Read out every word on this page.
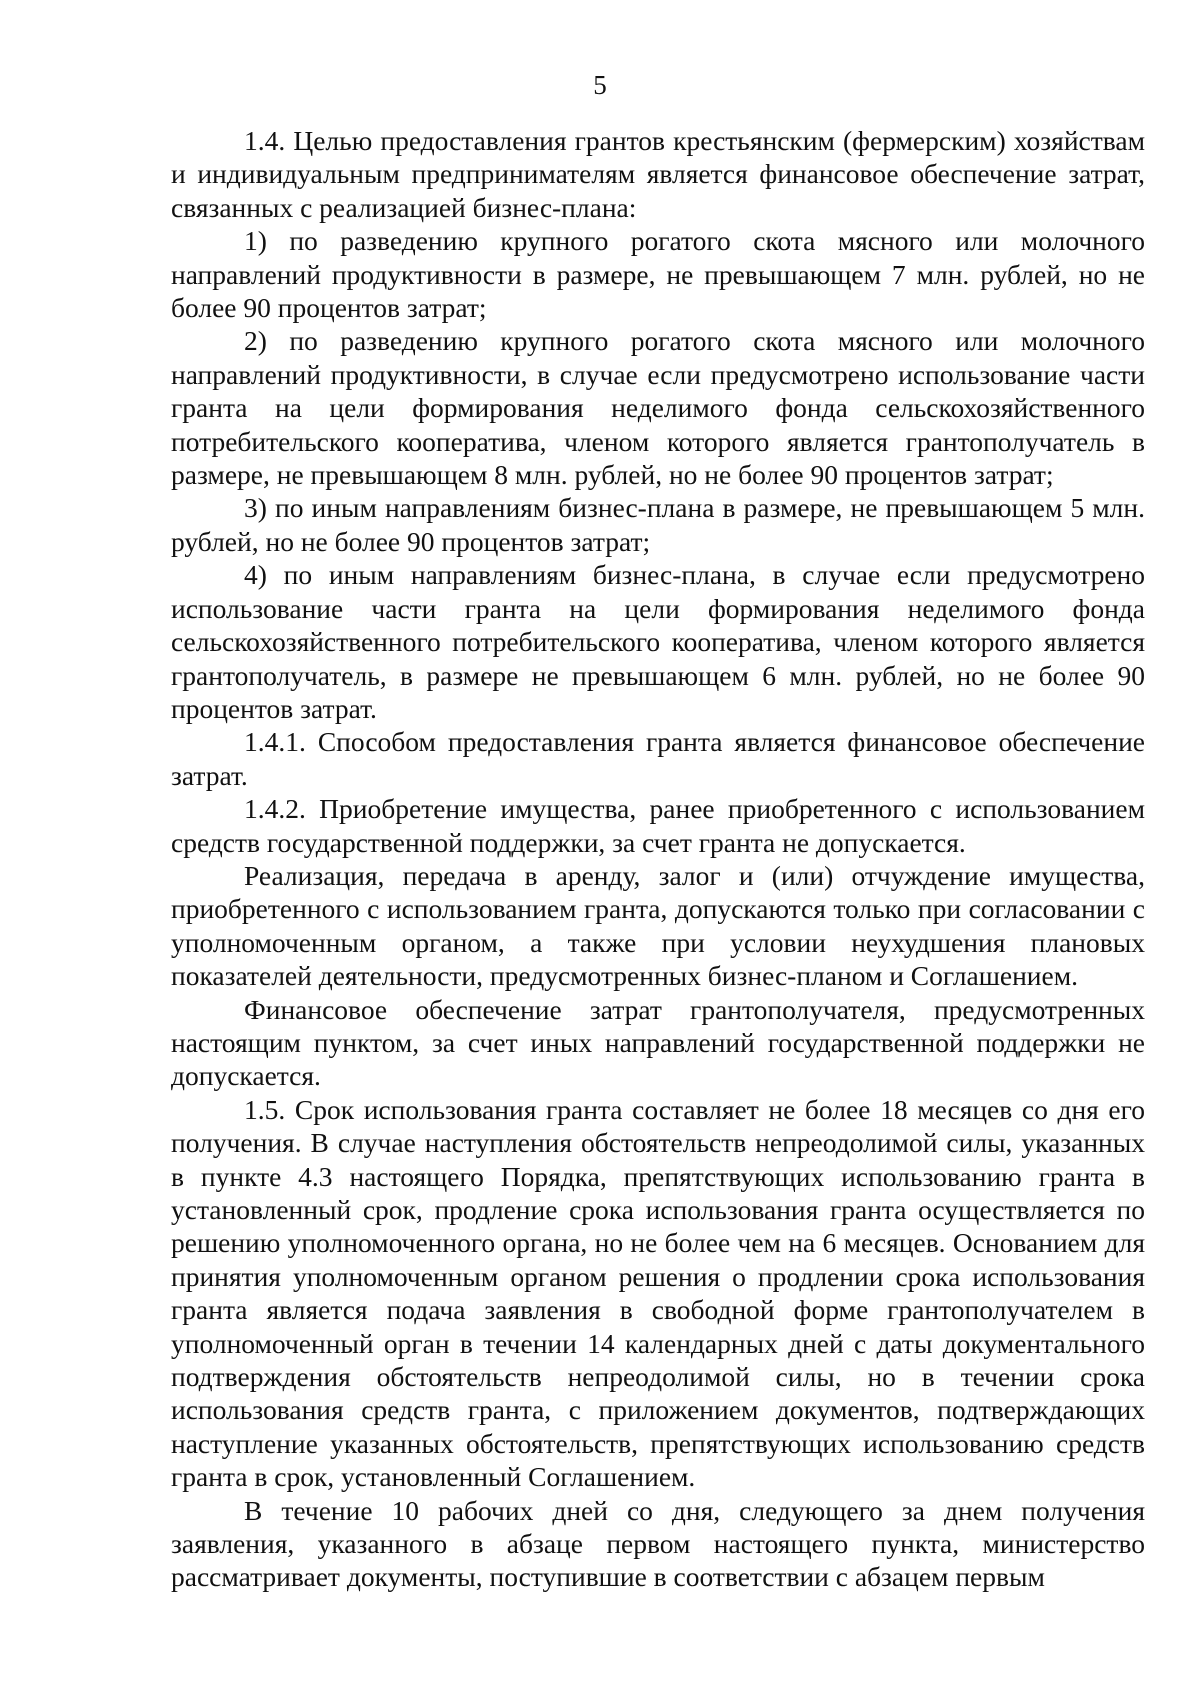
5

1.4. Целью предоставления грантов крестьянским (фермерским) хозяйствам и индивидуальным предпринимателям является финансовое обеспечение затрат, связанных с реализацией бизнес-плана:

1) по разведению крупного рогатого скота мясного или молочного направлений продуктивности в размере, не превышающем 7 млн. рублей, но не более 90 процентов затрат;

2) по разведению крупного рогатого скота мясного или молочного направлений продуктивности, в случае если предусмотрено использование части гранта на цели формирования неделимого фонда сельскохозяйственного потребительского кооператива, членом которого является грантополучатель в размере, не превышающем 8 млн. рублей, но не более 90 процентов затрат;

3) по иным направлениям бизнес-плана в размере, не превышающем 5 млн. рублей, но не более 90 процентов затрат;

4) по иным направлениям бизнес-плана, в случае если предусмотрено использование части гранта на цели формирования неделимого фонда сельскохозяйственного потребительского кооператива, членом которого является грантополучатель, в размере не превышающем 6 млн. рублей, но не более 90 процентов затрат.

1.4.1. Способом предоставления гранта является финансовое обеспечение затрат.

1.4.2. Приобретение имущества, ранее приобретенного с использованием средств государственной поддержки, за счет гранта не допускается.

Реализация, передача в аренду, залог и (или) отчуждение имущества, приобретенного с использованием гранта, допускаются только при согласовании с уполномоченным органом, а также при условии неухудшения плановых показателей деятельности, предусмотренных бизнес-планом и Соглашением.

Финансовое обеспечение затрат грантополучателя, предусмотренных настоящим пунктом, за счет иных направлений государственной поддержки не допускается.

1.5. Срок использования гранта составляет не более 18 месяцев со дня его получения. В случае наступления обстоятельств непреодолимой силы, указанных в пункте 4.3 настоящего Порядка, препятствующих использованию гранта в установленный срок, продление срока использования гранта осуществляется по решению уполномоченного органа, но не более чем на 6 месяцев. Основанием для принятия уполномоченным органом решения о продлении срока использования гранта является подача заявления в свободной форме грантополучателем в уполномоченный орган в течении 14 календарных дней с даты документального подтверждения обстоятельств непреодолимой силы, но в течении срока использования средств гранта, с приложением документов, подтверждающих наступление указанных обстоятельств, препятствующих использованию средств гранта в срок, установленный Соглашением.

В течение 10 рабочих дней со дня, следующего за днем получения заявления, указанного в абзаце первом настоящего пункта, министерство рассматривает документы, поступившие в соответствии с абзацем первым
